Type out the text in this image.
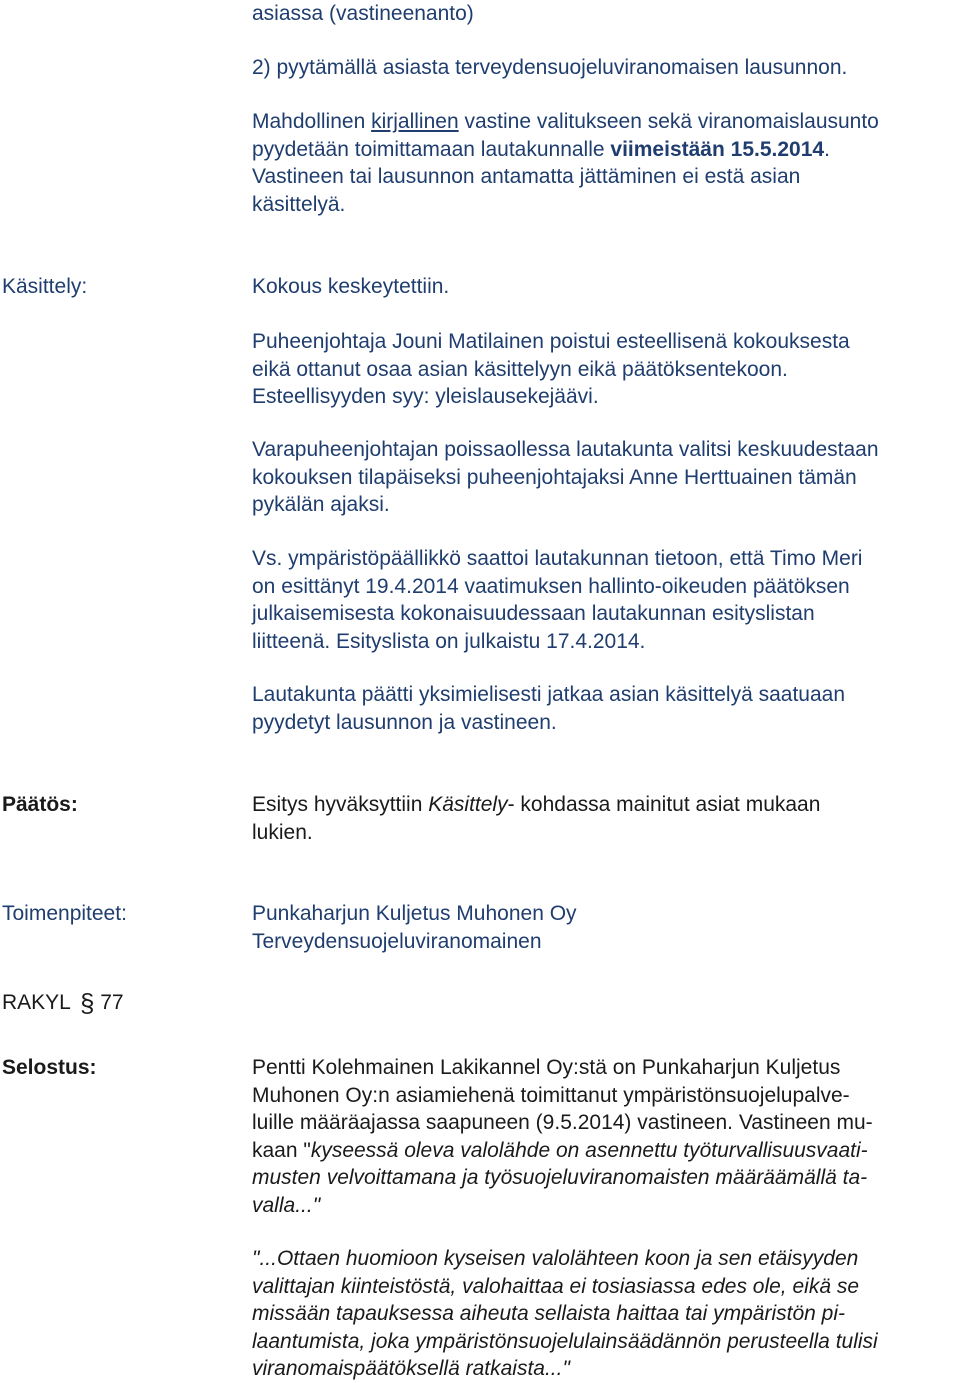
asiassa (vastineenanto)

2) pyytämällä asiasta terveydensuojeluviranomaisen lausunnon.

Mahdollinen kirjallinen vastine valitukseen sekä viranomaislausunto

pyydetään toimittamaan lautakunnalle viimeistään 15.5.2014.

Vastineen tai lausunnon antamatta jättäminen ei estä asian

käsittelyä.

Käsittely:	Kokous keskeytettiin.

Puheenjohtaja Jouni Matilainen poistui esteellisenä kokouksesta

eikä ottanut osaa asian käsittelyyn eikä päätöksentekoon.

Esteellisyyden syy: yleislausekejäävi.

Varapuheenjohtajan poissaollessa lautakunta valitsi keskuudestaan

kokouksen tilapäiseksi puheenjohtajaksi Anne Herttuainen tämän

pykälän ajaksi.

Vs. ympäristöpäällikkö saattoi lautakunnan tietoon, että Timo Meri

on esittänyt 19.4.2014 vaatimuksen hallinto-oikeuden päätöksen

julkaisemisesta kokonaisuudessaan lautakunnan esityslistan

liitteenä. Esityslista on julkaistu 17.4.2014.

Lautakunta päätti yksimielisesti jatkaa asian käsittelyä saatuaan

pyydetyt lausunnon ja vastineen.

Päätös:	Esitys hyväksyttiin Käsittely- kohdassa mainitut asiat mukaan

lukien.

Toimenpiteet:	Punkaharjun Kuljetus Muhonen Oy

Terveydensuojeluviranomainen

RAKYL § 77
Selostus:	Pentti Kolehmainen Lakikannel Oy:stä on Punkaharjun Kuljetus

Muhonen Oy:n asiamiehenä toimittanut ympäristönsuojelupalve-

luille määräajassa saapuneen (9.5.2014) vastineen. Vastineen mu-

kaan "kyseessä oleva valolähde on asennettu työturvallisuusvaati-

musten velvoittamana ja työsuojeluviranomaisten määräämällä ta-

valla..."

"...Ottaen huomioon kyseisen valolähteen koon ja sen etäisyyden

valittajan kiinteistöstä, valohaittaa ei tosiasiassa edes ole, eikä se

missään tapauksessa aiheuta sellaista haittaa tai ympäristön pi-

laantumista, joka ympäristönsuojelulainsäädännön perusteella tulisi

viranomaispäätöksellä ratkaista..."
